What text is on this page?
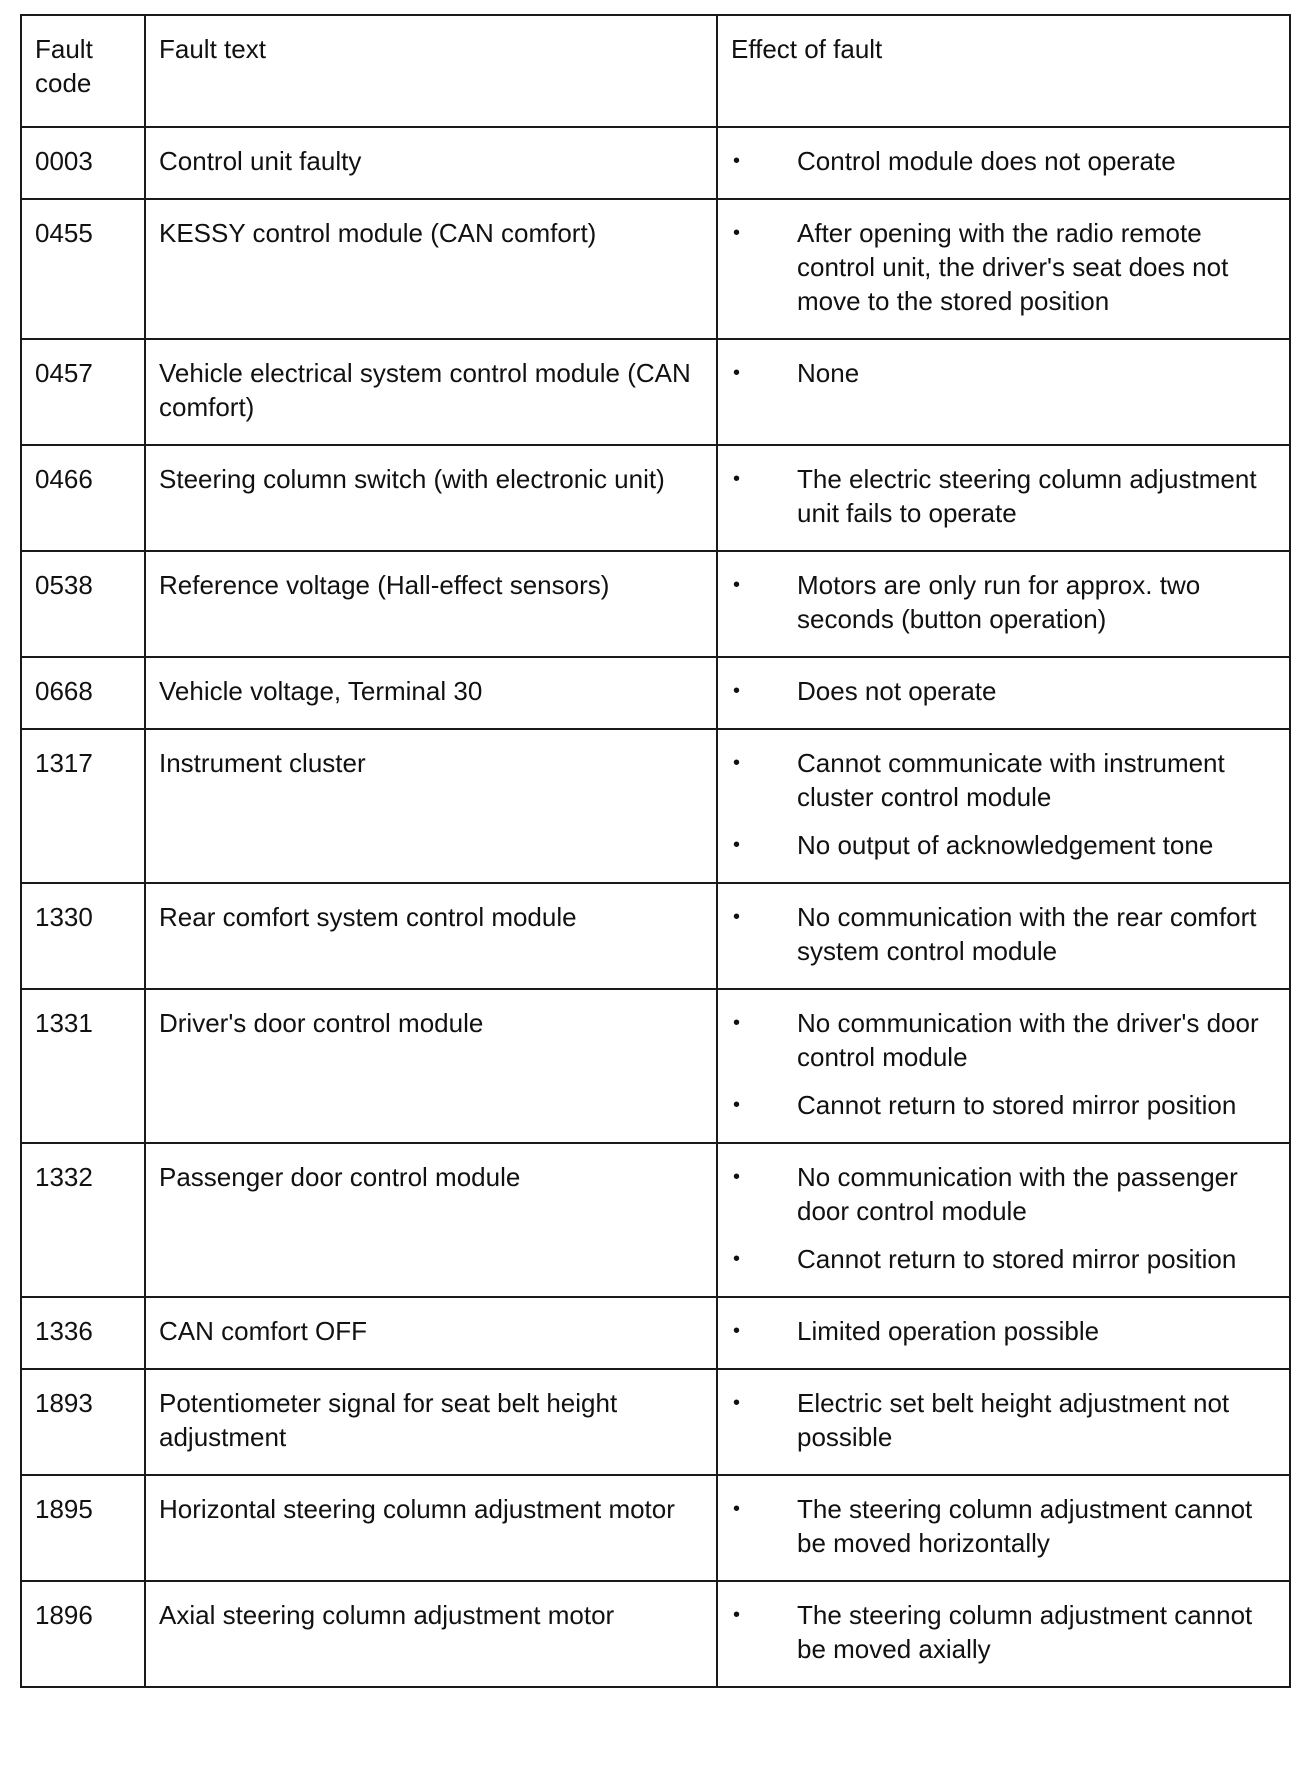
Fault code	Fault text	Effect of fault
0003	Control unit faulty	• Control module does not operate

0455	KESSY control module (CAN comfort)	• After opening with the radio remote control unit, the driver's seat does not move to the stored position

0457	Vehicle electrical system control module (CAN comfort)	• None

0466	Steering column switch (with electronic unit)	• The electric steering column adjustment unit fails to operate

0538	Reference voltage (Hall-effect sensors)	• Motors are only run for approx. two seconds (button operation)

0668	Vehicle voltage, Terminal 30	• Does not operate

1317	Instrument cluster	• Cannot communicate with instrument cluster control module
• No output of acknowledgement tone

1330	Rear comfort system control module	• No communication with the rear comfort system control module

1331	Driver's door control module	• No communication with the driver's door control module
• Cannot return to stored mirror position

1332	Passenger door control module	• No communication with the passenger door control module
• Cannot return to stored mirror position

1336	CAN comfort OFF	• Limited operation possible

1893	Potentiometer signal for seat belt height adjustment	• Electric set belt height adjustment not possible

1895	Horizontal steering column adjustment motor	• The steering column adjustment cannot be moved horizontally

1896	Axial steering column adjustment motor	• The steering column adjustment cannot be moved axially
